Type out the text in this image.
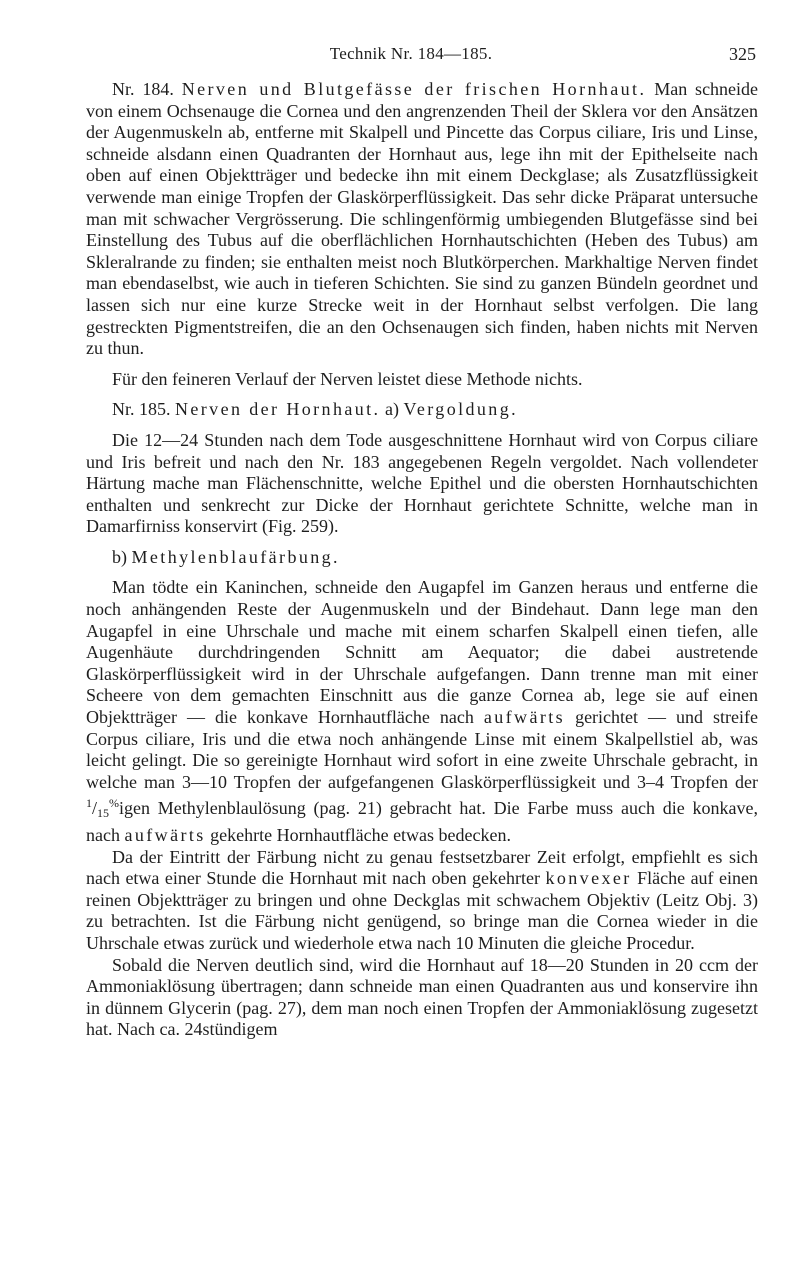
Technik Nr. 184—185.	325

Nr. 184. Nerven und Blutgefässe der frischen Hornhaut. Man schneide von einem Ochsenauge die Cornea und den angrenzenden Theil der Sklera vor den Ansätzen der Augenmuskeln ab, entferne mit Skalpell und Pincette das Corpus ciliare, Iris und Linse, schneide alsdann einen Quadranten der Hornhaut aus, lege ihn mit der Epithelseite nach oben auf einen Objektträger und bedecke ihn mit einem Deckglase; als Zusatzflüssigkeit verwende man einige Tropfen der Glaskörperflüssigkeit. Das sehr dicke Präparat untersuche man mit schwacher Vergrösserung. Die schlingenförmig umbiegenden Blutgefässe sind bei Einstellung des Tubus auf die oberflächlichen Hornhautschichten (Heben des Tubus) am Skleralrande zu finden; sie enthalten meist noch Blutkörperchen. Markhaltige Nerven findet man ebendaselbst, wie auch in tieferen Schichten. Sie sind zu ganzen Bündeln geordnet und lassen sich nur eine kurze Strecke weit in der Hornhaut selbst verfolgen. Die lang gestreckten Pigmentstreifen, die an den Ochsenaugen sich finden, haben nichts mit Nerven zu thun.

Für den feineren Verlauf der Nerven leistet diese Methode nichts.

Nr. 185. Nerven der Hornhaut. a) Vergoldung.

Die 12—24 Stunden nach dem Tode ausgeschnittene Hornhaut wird von Corpus ciliare und Iris befreit und nach den Nr. 183 angegebenen Regeln vergoldet. Nach vollendeter Härtung mache man Flächenschnitte, welche Epithel und die obersten Hornhautschichten enthalten und senkrecht zur Dicke der Hornhaut gerichtete Schnitte, welche man in Damarfirniss konservirt (Fig. 259).

b) Methylenblaufärbung.

Man tödte ein Kaninchen, schneide den Augapfel im Ganzen heraus und entferne die noch anhängenden Reste der Augenmuskeln und der Bindehaut. Dann lege man den Augapfel in eine Uhrschale und mache mit einem scharfen Skalpell einen tiefen, alle Augenhäute durchdringenden Schnitt am Aequator; die dabei austretende Glaskörperflüssigkeit wird in der Uhrschale aufgefangen. Dann trenne man mit einer Scheere von dem gemachten Einschnitt aus die ganze Cornea ab, lege sie auf einen Objektträger — die konkave Hornhautfläche nach aufwärts gerichtet — und streife Corpus ciliare, Iris und die etwa noch anhängende Linse mit einem Skalpellstiel ab, was leicht gelingt. Die so gereinigte Hornhaut wird sofort in eine zweite Uhrschale gebracht, in welche man 3—10 Tropfen der aufgefangenen Glaskörperflüssigkeit und 3–4 Tropfen der $^1$/15%igen Methylenblaulösung (pag. 21) gebracht hat. Die Farbe muss auch die konkave, nach aufwärts gekehrte Hornhautfläche etwas bedecken.

Da der Eintritt der Färbung nicht zu genau festsetzbarer Zeit erfolgt, empfiehlt es sich nach etwa einer Stunde die Hornhaut mit nach oben gekehrter konvexer Fläche auf einen reinen Objektträger zu bringen und ohne Deckglas mit schwachem Objektiv (Leitz Obj. 3) zu betrachten. Ist die Färbung nicht genügend, so bringe man die Cornea wieder in die Uhrschale etwas zurück und wiederhole etwa nach 10 Minuten die gleiche Procedur.

Sobald die Nerven deutlich sind, wird die Hornhaut auf 18—20 Stunden in 20 ccm der Ammoniaklösung übertragen; dann schneide man einen Quadranten aus und konservire ihn in dünnem Glycerin (pag. 27), dem man noch einen Tropfen der Ammoniaklösung zugesetzt hat. Nach ca. 24stündigem
